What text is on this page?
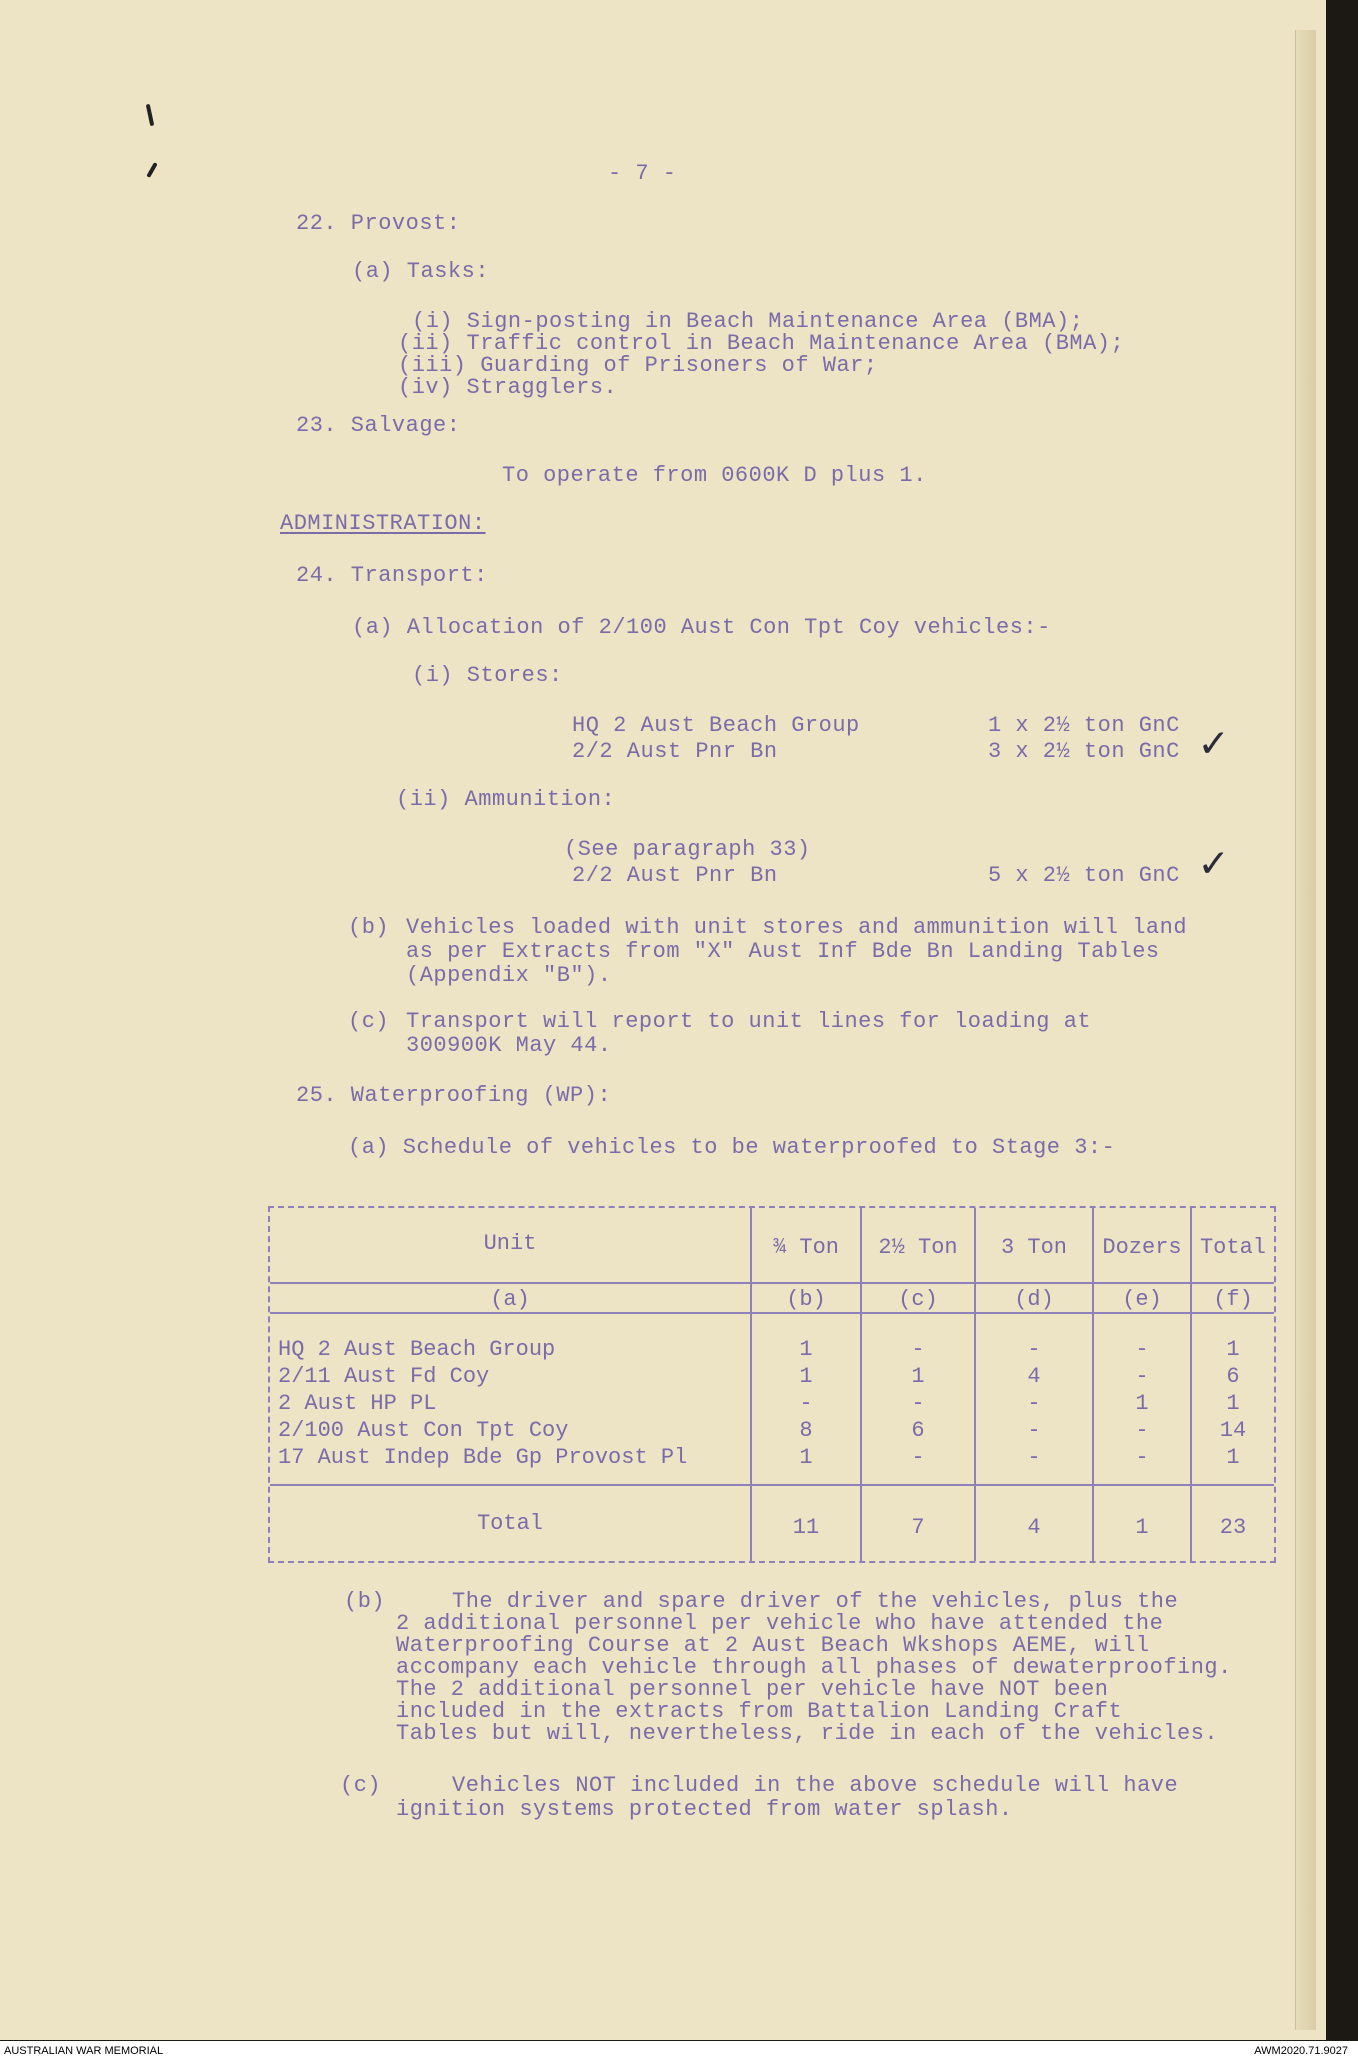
- 7 -
22. Provost:
(a) Tasks:
(i) Sign-posting in Beach Maintenance Area (BMA);
(ii) Traffic control in Beach Maintenance Area (BMA);
(iii) Guarding of Prisoners of War;
(iv) Stragglers.
23. Salvage:
To operate from 0600K D plus 1.
ADMINISTRATION:
24. Transport:
(a) Allocation of 2/100 Aust Con Tpt Coy vehicles:-
(i) Stores:
HQ 2 Aust Beach Group	1 x 2½ ton GnC
2/2 Aust Pnr Bn	3 x 2½ ton GnC ✓
(ii) Ammunition:
(See paragraph 33)
2/2 Aust Pnr Bn	5 x 2½ ton GnC ✓
(b) Vehicles loaded with unit stores and ammunition will land
as per Extracts from "X" Aust Inf Bde Bn Landing Tables
(Appendix "B").
(c) Transport will report to unit lines for loading at
300900K May 44.
25. Waterproofing (WP):
(a) Schedule of vehicles to be waterproofed to Stage 3:-
Unit	¾ Ton	2½ Ton	3 Ton	Dozers Total
(a)	(b)	(c)	(d)	(e)	(f)
HQ 2 Aust Beach Group	1	-	-	-	1
2/11 Aust Fd Coy	1	1	4	-	6
2 Aust HP PL	-	-	-	1	1
2/100 Aust Con Tpt Coy	8	6	-	-	14
17 Aust Indep Bde Gp Provost Pl	1	-	-	-	1
Total	11	7	4	1	23
(b)	The driver and spare driver of the vehicles, plus the
2 additional personnel per vehicle who have attended the
Waterproofing Course at 2 Aust Beach Wkshops AEME, will
accompany each vehicle through all phases of dewaterproofing.
The 2 additional personnel per vehicle have NOT been
included in the extracts from Battalion Landing Craft
Tables but will, nevertheless, ride in each of the vehicles.
(c)	Vehicles NOT included in the above schedule will have
ignition systems protected from water splash.
AUSTRALIAN WAR MEMORIAL	AWM2020.71.9027
